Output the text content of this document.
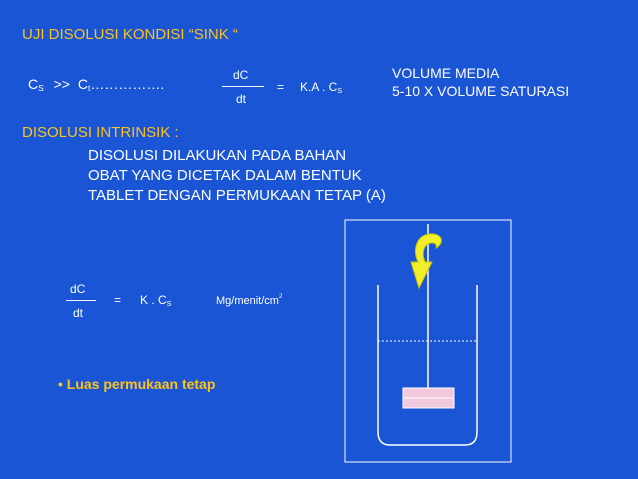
UJI DISOLUSI KONDISI “SINK “
$C_S$ >> $C_t\dots\dots\dots\dots\dots$.
dC
dt
= K.A . $C_S$
VOLUME MEDIA
5-10 X VOLUME SATURASI
DISOLUSI INTRINSIK :
DISOLUSI DILAKUKAN PADA BAHAN
OBAT YANG DICETAK DALAM BENTUK
TABLET DENGAN PERMUKAAN TETAP (A)
dC
dt
= K . $C_S$	$Mg/menit/cm^2$
• Luas permukaan tetap
